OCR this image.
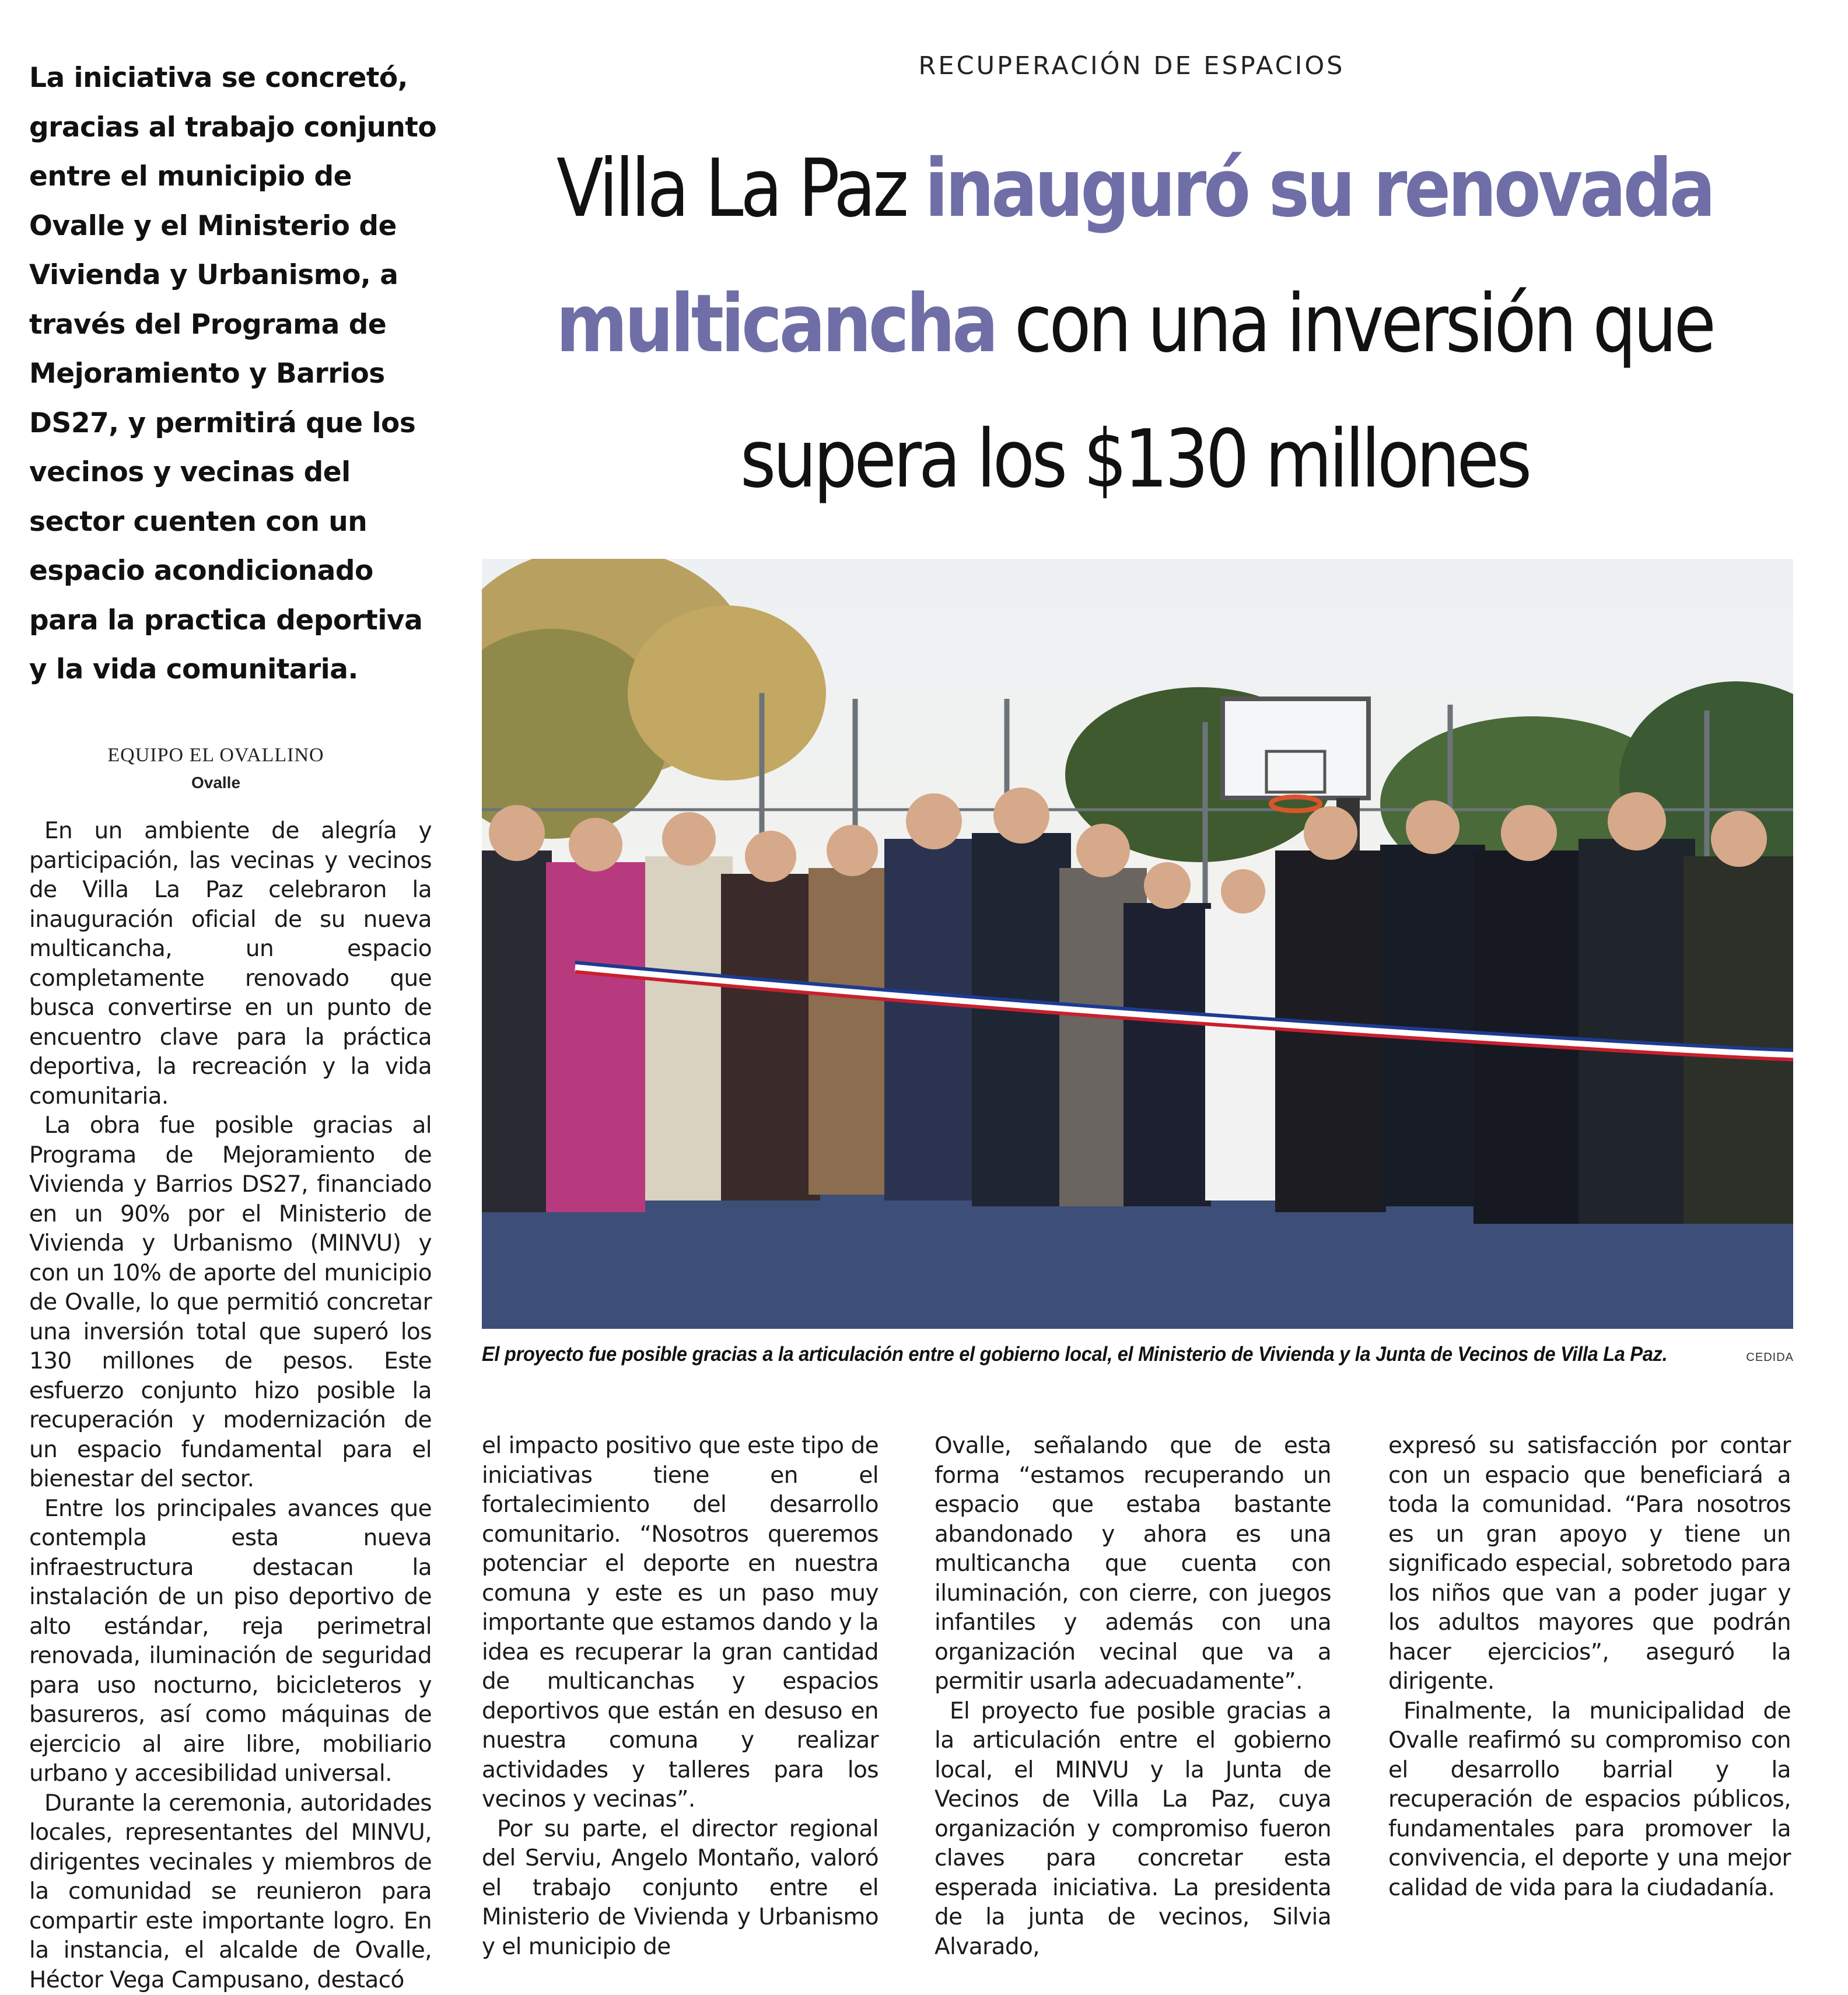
La iniciativa se concretó, gracias al trabajo conjunto entre el municipio de Ovalle y el Ministerio de Vivienda y Urbanismo, a través del Programa de Mejoramiento y Barrios DS27, y permitirá que los vecinos y vecinas del sector cuenten con un espacio acondicionado para la practica deportiva y la vida comunitaria.
RECUPERACIÓN DE ESPACIOS
Villa La Paz inauguró su renovada multicancha con una inversión que supera los $130 millones
EQUIPO EL OVALLINO
Ovalle
El proyecto fue posible gracias a la articulación entre el gobierno local, el Ministerio de Vivienda y la Junta de Vecinos de Villa La Paz.	CEDIDA

En un ambiente de alegría y participación, las vecinas y vecinos de Villa La Paz celebraron la inauguración oficial de su nueva multicancha, un espacio completamente renovado que busca convertirse en un punto de encuentro clave para la práctica deportiva, la recreación y la vida comunitaria.

La obra fue posible gracias al Programa de Mejoramiento de Vivienda y Barrios DS27, financiado en un 90% por el Ministerio de Vivienda y Urbanismo (MINVU) y con un 10% de aporte del municipio de Ovalle, lo que permitió concretar una inversión total que superó los 130 millones de pesos. Este esfuerzo conjunto hizo posible la recuperación y modernización de un espacio fundamental para el bienestar del sector.

Entre los principales avances que contempla esta nueva infraestructura destacan la instalación de un piso deportivo de alto estándar, reja perimetral renovada, iluminación de seguridad para uso nocturno, bicicleteros y basureros, así como máquinas de ejercicio al aire libre, mobiliario urbano y accesibilidad universal.

Durante la ceremonia, autoridades locales, representantes del MINVU, dirigentes vecinales y miembros de la comunidad se reunieron para compartir este importante logro. En la instancia, el alcalde de Ovalle, Héctor Vega Campusano, destacó

el impacto positivo que este tipo de iniciativas tiene en el fortalecimiento del desarrollo comunitario. “Nosotros queremos potenciar el deporte en nuestra comuna y este es un paso muy importante que estamos dando y la idea es recuperar la gran cantidad de multicanchas y espacios deportivos que están en desuso en nuestra comuna y realizar actividades y talleres para los vecinos y vecinas”.

Por su parte, el director regional del Serviu, Angelo Montaño, valoró el trabajo conjunto entre el Ministerio de Vivienda y Urbanismo y el municipio de

Ovalle, señalando que de esta forma “estamos recuperando un espacio que estaba bastante abandonado y ahora es una multicancha que cuenta con iluminación, con cierre, con juegos infantiles y además con una organización vecinal que va a permitir usarla adecuadamente”.

El proyecto fue posible gracias a la articulación entre el gobierno local, el MINVU y la Junta de Vecinos de Villa La Paz, cuya organización y compromiso fueron claves para concretar esta esperada iniciativa. La presidenta de la junta de vecinos, Silvia Alvarado,

expresó su satisfacción por contar con un espacio que beneficiará a toda la comunidad. “Para nosotros es un gran apoyo y tiene un significado especial, sobretodo para los niños que van a poder jugar y los adultos mayores que podrán hacer ejercicios”, aseguró la dirigente.

Finalmente, la municipalidad de Ovalle reafirmó su compromiso con el desarrollo barrial y la recuperación de espacios públicos, fundamentales para promover la convivencia, el deporte y una mejor calidad de vida para la ciudadanía.
